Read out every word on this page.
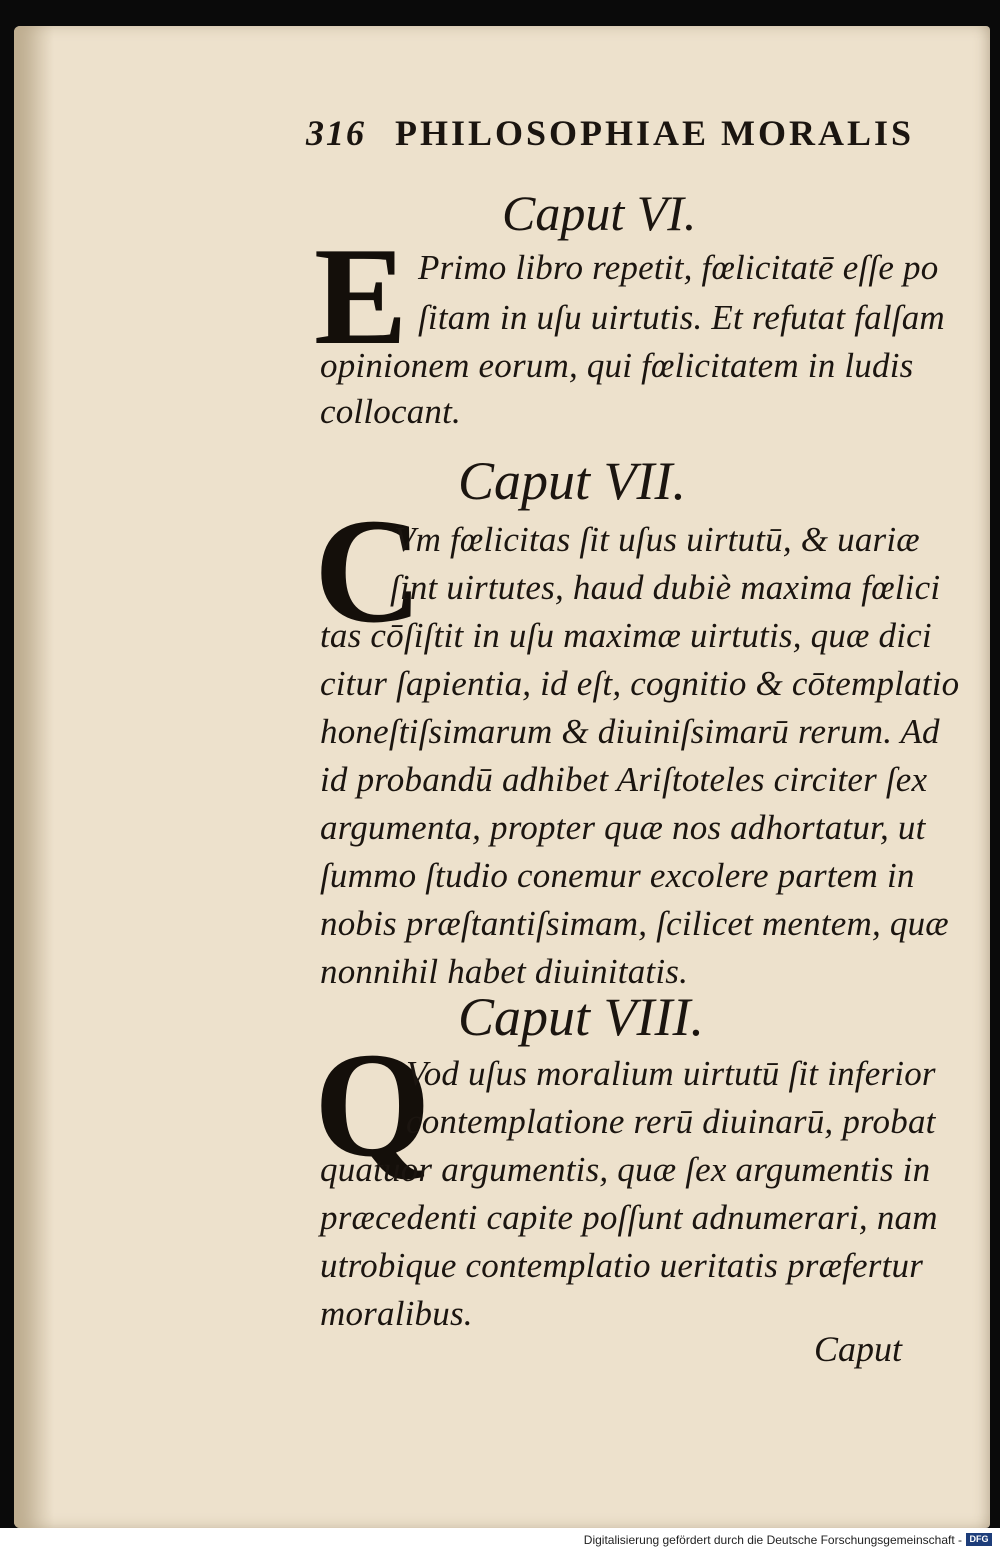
316 PHILOSOPHIAE MORALIS
Caput VI.
E Primo libro repetit, fœlicitatē eſſe po
ſitam in uſu uirtutis. Et refutat falſam
opinionem eorum, qui fœlicitatem in ludis
collocant.
Caput VII.
C
Vm fœlicitas ſit uſus uirtutū, & uariæ
ſint uirtutes, haud dubiè maxima fœlici
tas cōſiſtit in uſu maximæ uirtutis, quæ dici
citur ſapientia, id eſt, cognitio & cōtemplatio
honeſtiſsimarum & diuiniſsimarū rerum. Ad
id probandū adhibet Ariſtoteles circiter ſex
argumenta, propter quæ nos adhortatur, ut
ſummo ſtudio conemur excolere partem in
nobis præſtantiſsimam, ſcilicet mentem, quæ
nonnihil habet diuinitatis.
Caput VIII.
Q
Vod uſus moralium uirtutū ſit inferior
contemplatione rerū diuinarū, probat
quatuor argumentis, quæ ſex argumentis in
præcedenti capite poſſunt adnumerari, nam
utrobique contemplatio ueritatis præfertur
moralibus.
Caput
Digitalisierung gefördert durch die Deutsche Forschungsgemeinschaft - DFG
